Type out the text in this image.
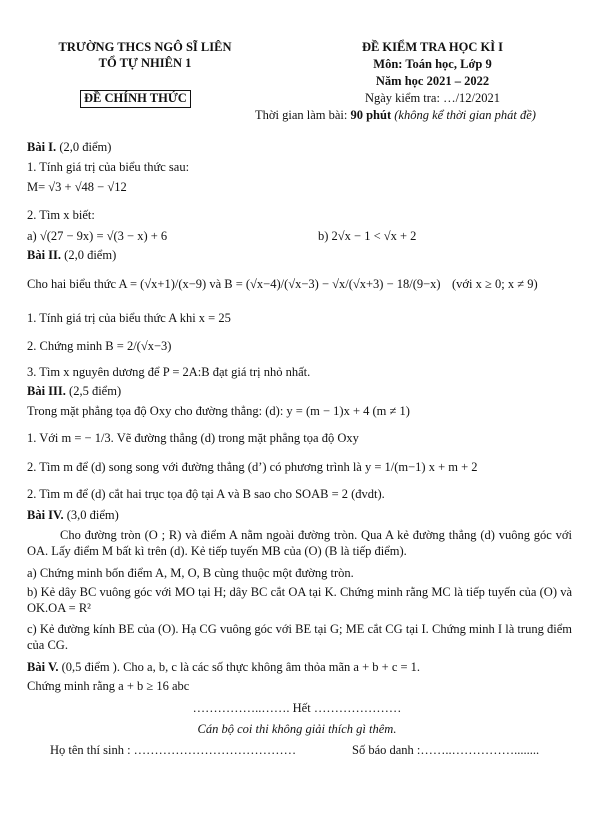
TRƯỜNG THCS NGÔ SĨ LIÊN
TỔ TỰ NHIÊN 1
ĐỀ CHÍNH THỨC
ĐỀ KIỂM TRA HỌC KÌ I
Môn: Toán học, Lớp 9
Năm học 2021 – 2022
Ngày kiểm tra: …/12/2021
Thời gian làm bài: 90 phút (không kể thời gian phát đề)
Bài I. (2,0 điểm)
1. Tính giá trị của biểu thức sau:
M= √3 + √48 − √12
2. Tìm x biết:
a) √(27 − 9x) = √(3 − x) + 6	b) 2√x − 1 < √x + 2
Bài II. (2,0 điểm)
Cho hai biểu thức A = (√x+1)/(x−9) và B = (√x−4)/(√x−3) − √x/(√x+3) − 18/(9−x) (với x ≥ 0; x ≠ 9)
1. Tính giá trị của biểu thức A khi x = 25
2. Chứng minh B = 2/(√x−3)
3. Tìm x nguyên dương để P = 2A:B đạt giá trị nhỏ nhất.
Bài III. (2,5 điểm)
Trong mặt phẳng tọa độ Oxy cho đường thẳng: (d): y = (m − 1)x + 4 (m ≠ 1)
1. Với m = − 1/3. Vẽ đường thẳng (d) trong mặt phẳng tọa độ Oxy
2. Tìm m để (d) song song với đường thẳng (d’) có phương trình là y = 1/(m−1) x + m + 2
2. Tìm m để (d) cắt hai trục tọa độ tại A và B sao cho SOAB = 2 (đvdt).
Bài IV. (3,0 điểm)
Cho đường tròn (O ; R) và điểm A nằm ngoài đường tròn. Qua A kẻ đường thẳng (d) vuông góc với OA. Lấy điểm M bất kì trên (d). Kẻ tiếp tuyến MB của (O) (B là tiếp điểm).
a) Chứng minh bốn điểm A, M, O, B cùng thuộc một đường tròn.
b) Kẻ dây BC vuông góc với MO tại H; dây BC cắt OA tại K. Chứng minh rằng MC là tiếp tuyến của (O) và OK.OA = R²
c) Kẻ đường kính BE của (O). Hạ CG vuông góc với BE tại G; ME cắt CG tại I. Chứng minh I là trung điểm của CG.
Bài V. (0,5 điểm ). Cho a, b, c là các số thực không âm thỏa mãn a + b + c = 1.
Chứng minh rằng a + b ≥ 16 abc
……………..……. Hết …………………
Cán bộ coi thi không giải thích gì thêm.
Họ tên thí sinh : …………………………………	Số báo danh :……..……………........
